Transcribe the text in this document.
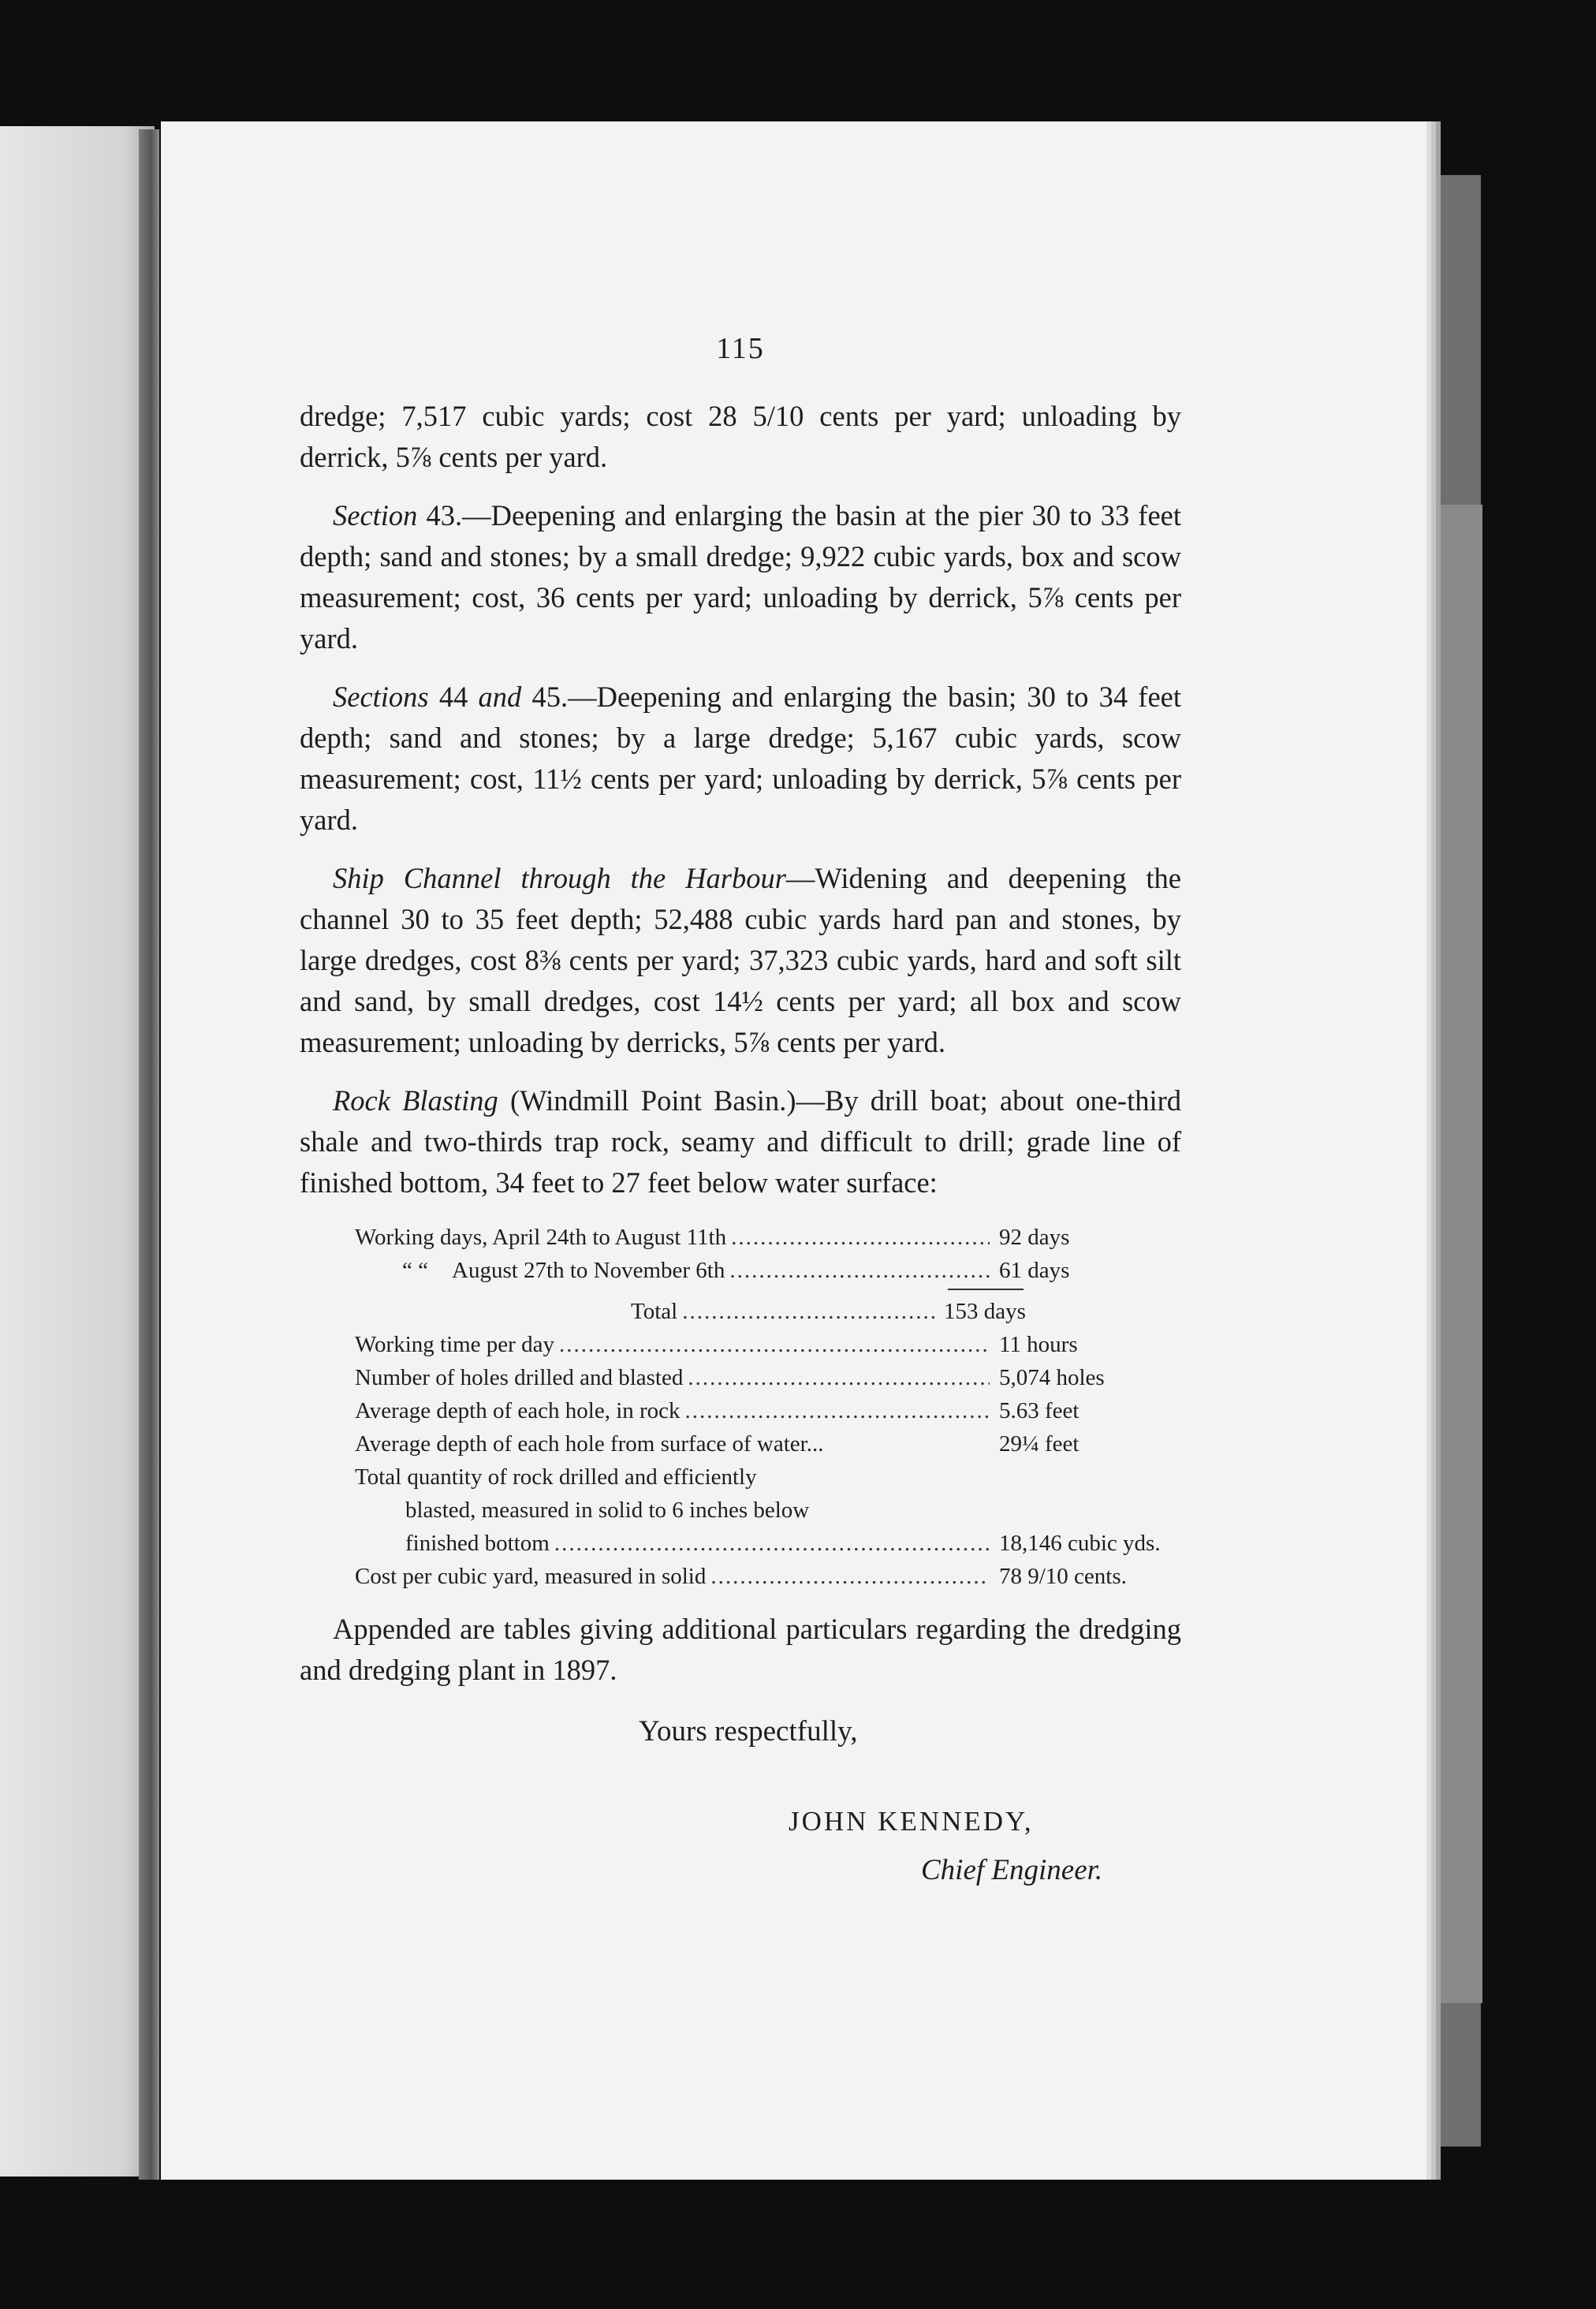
115

dredge; 7,517 cubic yards; cost 28 5/10 cents per yard; unloading by derrick, 5⅞ cents per yard.

Section 43.—Deepening and enlarging the basin at the pier 30 to 33 feet depth; sand and stones; by a small dredge; 9,922 cubic yards, box and scow measurement; cost, 36 cents per yard; unloading by derrick, 5⅞ cents per yard.

Sections 44 and 45.—Deepening and enlarging the basin; 30 to 34 feet depth; sand and stones; by a large dredge; 5,167 cubic yards, scow measurement; cost, 11½ cents per yard; unloading by derrick, 5⅞ cents per yard.

Ship Channel through the Harbour—Widening and deepening the channel 30 to 35 feet depth; 52,488 cubic yards hard pan and stones, by large dredges, cost 8⅜ cents per yard; 37,323 cubic yards, hard and soft silt and sand, by small dredges, cost 14½ cents per yard; all box and scow measurement; unloading by derricks, 5⅞ cents per yard.

Rock Blasting (Windmill Point Basin.)—By drill boat; about one-third shale and two-thirds trap rock, seamy and difficult to drill; grade line of finished bottom, 34 feet to 27 feet below water surface:

Working days, April 24th to August 11th .....	92 days
“ “	August 27th to November 6th .....	61 days
Total .....	153 days
Working time per day .....	11 hours
Number of holes drilled and blasted .....	5,074 holes
Average depth of each hole, in rock .....	5.63 feet
Average depth of each hole from surface of water...	29¼ feet
Total quantity of rock drilled and efficiently
blasted, measured in solid to 6 inches below
finished bottom .....	18,146 cubic yds.
Cost per cubic yard, measured in solid .....	78 9/10 cents.

Appended are tables giving additional particulars regarding the dredging and dredging plant in 1897.

Yours respectfully,
JOHN KENNEDY,
Chief Engineer.
